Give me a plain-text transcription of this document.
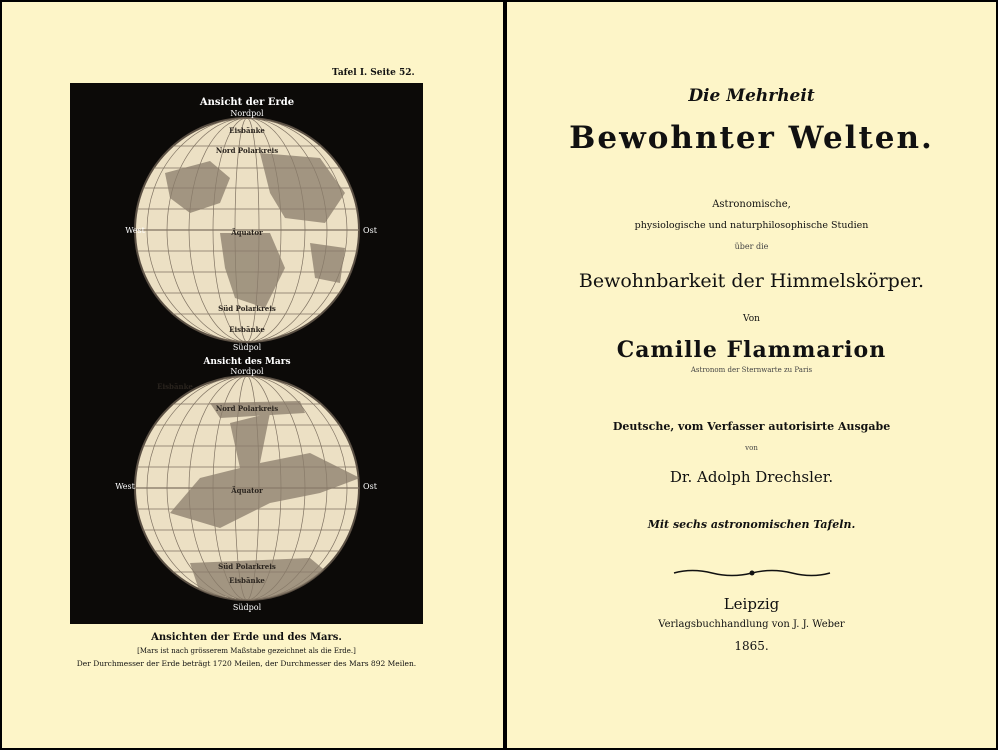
Tafel I. Seite 52.
Ansicht der Erde
Nordpol
West	Ost
Südpol
Ansicht des Mars
Nordpol
West	Ost
Südpol
Eisbänke
Nord Polarkreis
Äquator
Süd Polarkreis
Eisbänke
Eisbänke
Nord Polarkreis
Äquator
Süd Polarkreis
Eisbänke
Ansichten der Erde und des Mars.
[Mars ist nach grösserem Maßstabe gezeichnet als die Erde.]
Der Durchmesser der Erde beträgt 1720 Meilen, der Durchmesser des Mars 892 Meilen.
Die Mehrheit
Bewohnter Welten.
Astronomische,
physiologische und naturphilosophische Studien
über die
Bewohnbarkeit der Himmelskörper.
Von
Camille Flammarion
Astronom der Sternwarte zu Paris
Deutsche, vom Verfasser autorisirte Ausgabe
von
Dr. Adolph Drechsler.
Mit sechs astronomischen Tafeln.
Leipzig
Verlagsbuchhandlung von J. J. Weber
1865.
